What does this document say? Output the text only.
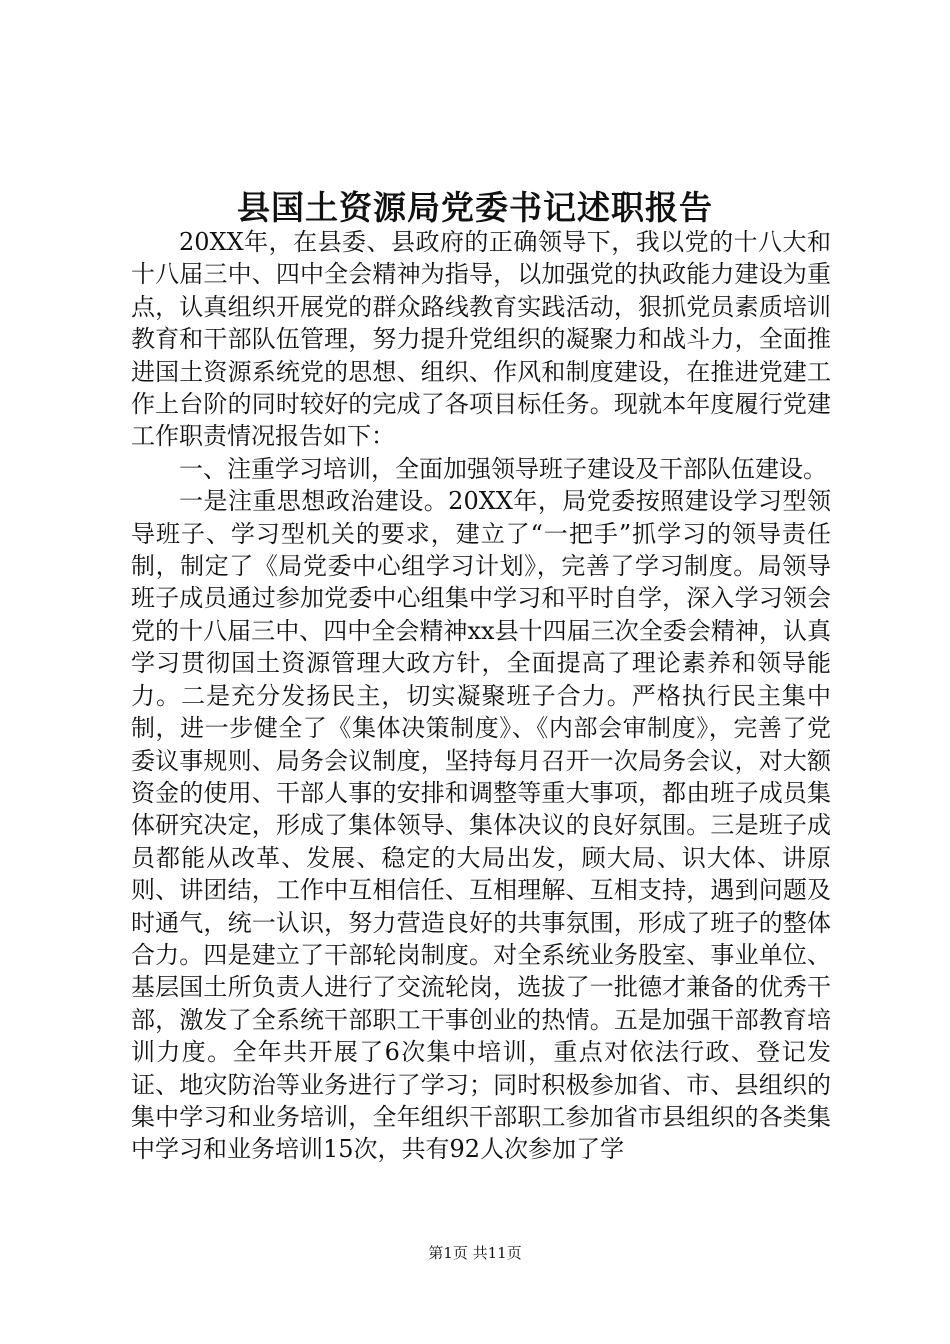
县国土资源局党委书记述职报告

20XX年，在县委、县政府的正确领导下，我以党的十八大和十八届三中、四中全会精神为指导，以加强党的执政能力建设为重点，认真组织开展党的群众路线教育实践活动，狠抓党员素质培训教育和干部队伍管理，努力提升党组织的凝聚力和战斗力，全面推进国土资源系统党的思想、组织、作风和制度建设，在推进党建工作上台阶的同时较好的完成了各项目标任务。现就本年度履行党建工作职责情况报告如下：

一、注重学习培训，全面加强领导班子建设及干部队伍建设。

一是注重思想政治建设。20XX年，局党委按照建设学习型领导班子、学习型机关的要求，建立了“一把手”抓学习的领导责任制，制定了《局党委中心组学习计划》，完善了学习制度。局领导班子成员通过参加党委中心组集中学习和平时自学，深入学习领会党的十八届三中、四中全会精神xx县十四届三次全委会精神，认真学习贯彻国土资源管理大政方针，全面提高了理论素养和领导能力。二是充分发扬民主，切实凝聚班子合力。严格执行民主集中制，进一步健全了《集体决策制度》、《内部会审制度》，完善了党委议事规则、局务会议制度，坚持每月召开一次局务会议，对大额资金的使用、干部人事的安排和调整等重大事项，都由班子成员集体研究决定，形成了集体领导、集体决议的良好氛围。三是班子成员都能从改革、发展、稳定的大局出发，顾大局、识大体、讲原则、讲团结，工作中互相信任、互相理解、互相支持，遇到问题及时通气，统一认识，努力营造良好的共事氛围，形成了班子的整体合力。四是建立了干部轮岗制度。对全系统业务股室、事业单位、基层国土所负责人进行了交流轮岗，选拔了一批德才兼备的优秀干部，激发了全系统干部职工干事创业的热情。五是加强干部教育培训力度。全年共开展了6次集中培训，重点对依法行政、登记发证、地灾防治等业务进行了学习；同时积极参加省、市、县组织的集中学习和业务培训，全年组织干部职工参加省市县组织的各类集中学习和业务培训15次，共有92人次参加了学

第1页 共11页
